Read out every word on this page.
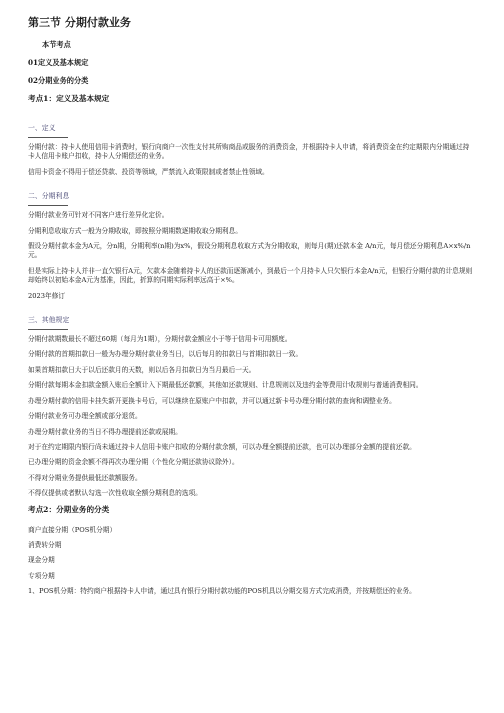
第三节 分期付款业务
本节考点
01定义及基本规定
02分期业务的分类
考点1：定义及基本规定
一、定义

分期付款：持卡人使用信用卡消费时，银行向商户一次性支付其所购商品或服务的消费资金，并根据持卡人申请，将消费资金在约定期限内分期通过持卡人信用卡账户扣收，持卡人分期偿还的业务。

信用卡资金不得用于偿还贷款、投资等领域，严禁流入政策限制或者禁止性领域。

二、分期利息

分期付款业务可针对不同客户进行差异化定价。

分期利息收取方式一般为分期收取，即按照分期期数逐期收取分期利息。

假设分期付款本金为A元，分n期，分期利率(n期)为x%，假设分期利息收取方式为分期收取，则每月(期)还款本金 A/n元，每月偿还分期利息A×x%/n元。

但是实际上持卡人并非一直欠银行A元，欠款本金随着持卡人的还款而逐渐减小，到最后一个月持卡人只欠银行本金A/n元，但银行分期付款的计息规则却始终以初始本金A元为基准，因此，折算的同期实际利率远高于×%。

2023年修订

三、其他规定

分期付款期数最长不超过60期（每月为1期），分期付款金额应小于等于信用卡可用额度。

分期付款的首期扣款日一般为办理分期付款业务当日，以后每月的扣款日与首期扣款日一致。

如果首期扣款日大于以后还款月的天数，则以后各月扣款日为当月最后一天。

分期付款每期本金扣款金额入账后全额计入下期最低还款额，其他如还款规则、计息规则以及违约金等费用计收规则与普通消费相同。

办理分期付款的信用卡挂失新开更换卡号后，可以继续在原账户中扣款，并可以通过新卡号办理分期付款的查询和调整业务。

分期付款业务可办理全额或部分退货。

办理分期付款业务的当日不得办理提前还款或展期。

对于在约定期限内银行尚未通过持卡人信用卡账户扣收的分期付款余额，可以办理全额提前还款，也可以办理部分金额的提前还款。

已办理分期的资金余额不得再次办理分期（个性化分期还款协议除外）。

不得对分期业务提供最低还款额服务。

不得仅提供或者默认勾选一次性收取全额分期利息的选项。

考点2：分期业务的分类

商户直接分期（POS机分期）

消费转分期

现金分期

专项分期

1、POS机分期：特约商户根据持卡人申请，通过具有银行分期付款功能的POS机具以分期交易方式完成消费，并按期偿还的业务。
